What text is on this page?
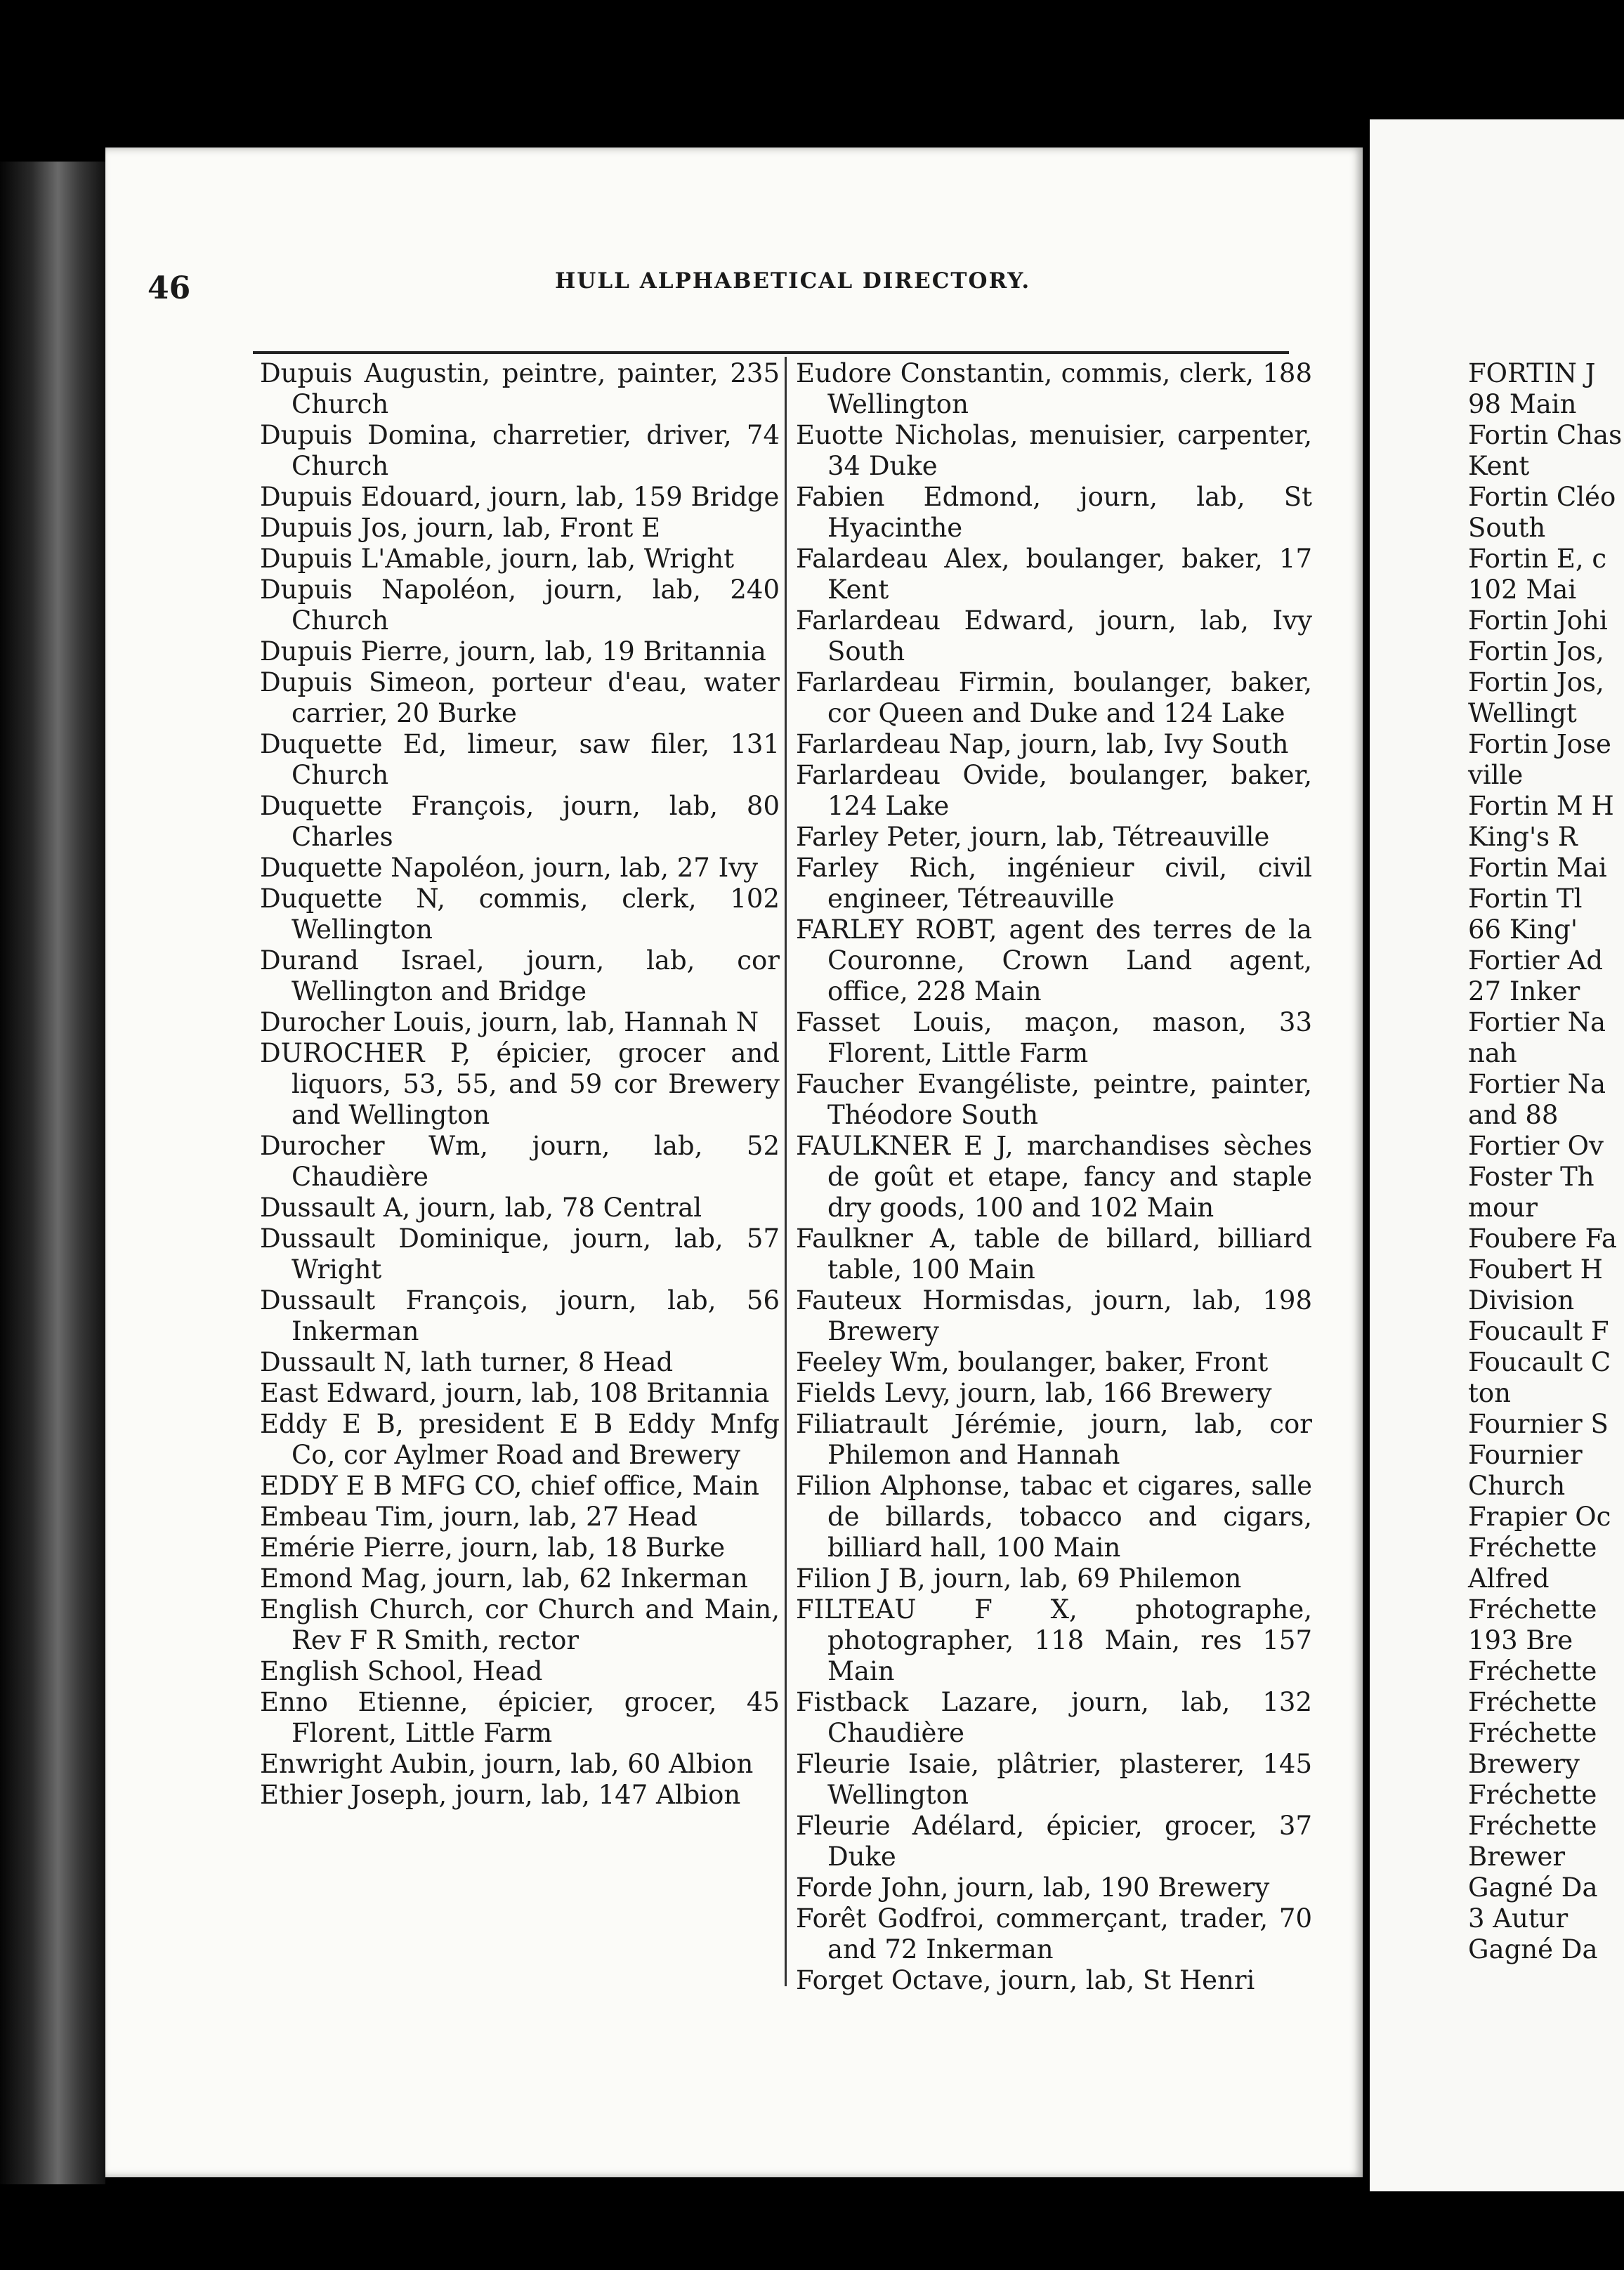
46	HULL ALPHABETICAL DIRECTORY.
Dupuis Augustin, peintre, painter, 235 Church
Dupuis Domina, charretier, driver, 74 Church
Dupuis Edouard, journ, lab, 159 Bridge
Dupuis Jos, journ, lab, Front E
Dupuis L'Amable, journ, lab, Wright
Dupuis Napoléon, journ, lab, 240 Church
Dupuis Pierre, journ, lab, 19 Britannia
Dupuis Simeon, porteur d'eau, water carrier, 20 Burke
Duquette Ed, limeur, saw filer, 131 Church
Duquette François, journ, lab, 80 Charles
Duquette Napoléon, journ, lab, 27 Ivy
Duquette N, commis, clerk, 102 Wellington
Durand Israel, journ, lab, cor Wellington and Bridge
Durocher Louis, journ, lab, Hannah N
DUROCHER P, épicier, grocer and liquors, 53, 55, and 59 cor Brewery and Wellington
Durocher Wm, journ, lab, 52 Chaudière
Dussault A, journ, lab, 78 Central
Dussault Dominique, journ, lab, 57 Wright
Dussault François, journ, lab, 56 Inkerman
Dussault N, lath turner, 8 Head
East Edward, journ, lab, 108 Britannia
Eddy E B, president E B Eddy Mnfg Co, cor Aylmer Road and Brewery
EDDY E B MFG CO, chief office, Main
Embeau Tim, journ, lab, 27 Head
Emérie Pierre, journ, lab, 18 Burke
Emond Mag, journ, lab, 62 Inkerman
English Church, cor Church and Main, Rev F R Smith, rector
English School, Head
Enno Etienne, épicier, grocer, 45 Florent, Little Farm
Enwright Aubin, journ, lab, 60 Albion
Ethier Joseph, journ, lab, 147 Albion
Eudore Constantin, commis, clerk, 188 Wellington
Euotte Nicholas, menuisier, carpenter, 34 Duke
Fabien Edmond, journ, lab, St Hyacinthe
Falardeau Alex, boulanger, baker, 17 Kent
Farlardeau Edward, journ, lab, Ivy South
Farlardeau Firmin, boulanger, baker, cor Queen and Duke and 124 Lake
Farlardeau Nap, journ, lab, Ivy South
Farlardeau Ovide, boulanger, baker, 124 Lake
Farley Peter, journ, lab, Tétreauville
Farley Rich, ingénieur civil, civil engineer, Tétreauville
FARLEY ROBT, agent des terres de la Couronne, Crown Land agent, office, 228 Main
Fasset Louis, maçon, mason, 33 Florent, Little Farm
Faucher Evangéliste, peintre, painter, Théodore South
FAULKNER E J, marchandises sèches de goût et etape, fancy and staple dry goods, 100 and 102 Main
Faulkner A, table de billard, billiard table, 100 Main
Fauteux Hormisdas, journ, lab, 198 Brewery
Feeley Wm, boulanger, baker, Front
Fields Levy, journ, lab, 166 Brewery
Filiatrault Jérémie, journ, lab, cor Philemon and Hannah
Filion Alphonse, tabac et cigares, salle de billards, tobacco and cigars, billiard hall, 100 Main
Filion J B, journ, lab, 69 Philemon
FILTEAU F X, photographe, photographer, 118 Main, res 157 Main
Fistback Lazare, journ, lab, 132 Chaudière
Fleurie Isaie, plâtrier, plasterer, 145 Wellington
Fleurie Adélard, épicier, grocer, 37 Duke
Forde John, journ, lab, 190 Brewery
Forêt Godfroi, commerçant, trader, 70 and 72 Inkerman
Forget Octave, journ, lab, St Henri
FORTIN J
98 Main
Fortin Chas
Kent
Fortin Cléo
South
Fortin E, c
102 Mai
Fortin Johi
Fortin Jos,
Fortin Jos,
Wellingt
Fortin Jose
ville
Fortin M H
King's R
Fortin Mai
Fortin Tl
66 King'
Fortier Ad
27 Inker
Fortier Na
nah
Fortier Na
and 88
Fortier Ov
Foster Th
mour
Foubere Fa
Foubert H
Division
Foucault F
Foucault C
ton
Fournier S
Fournier
Church
Frapier Oc
Fréchette
Alfred
Fréchette
193 Bre
Fréchette
Fréchette
Fréchette
Brewery
Fréchette
Fréchette
Brewer
Gagné Da
3 Autur
Gagné Da
